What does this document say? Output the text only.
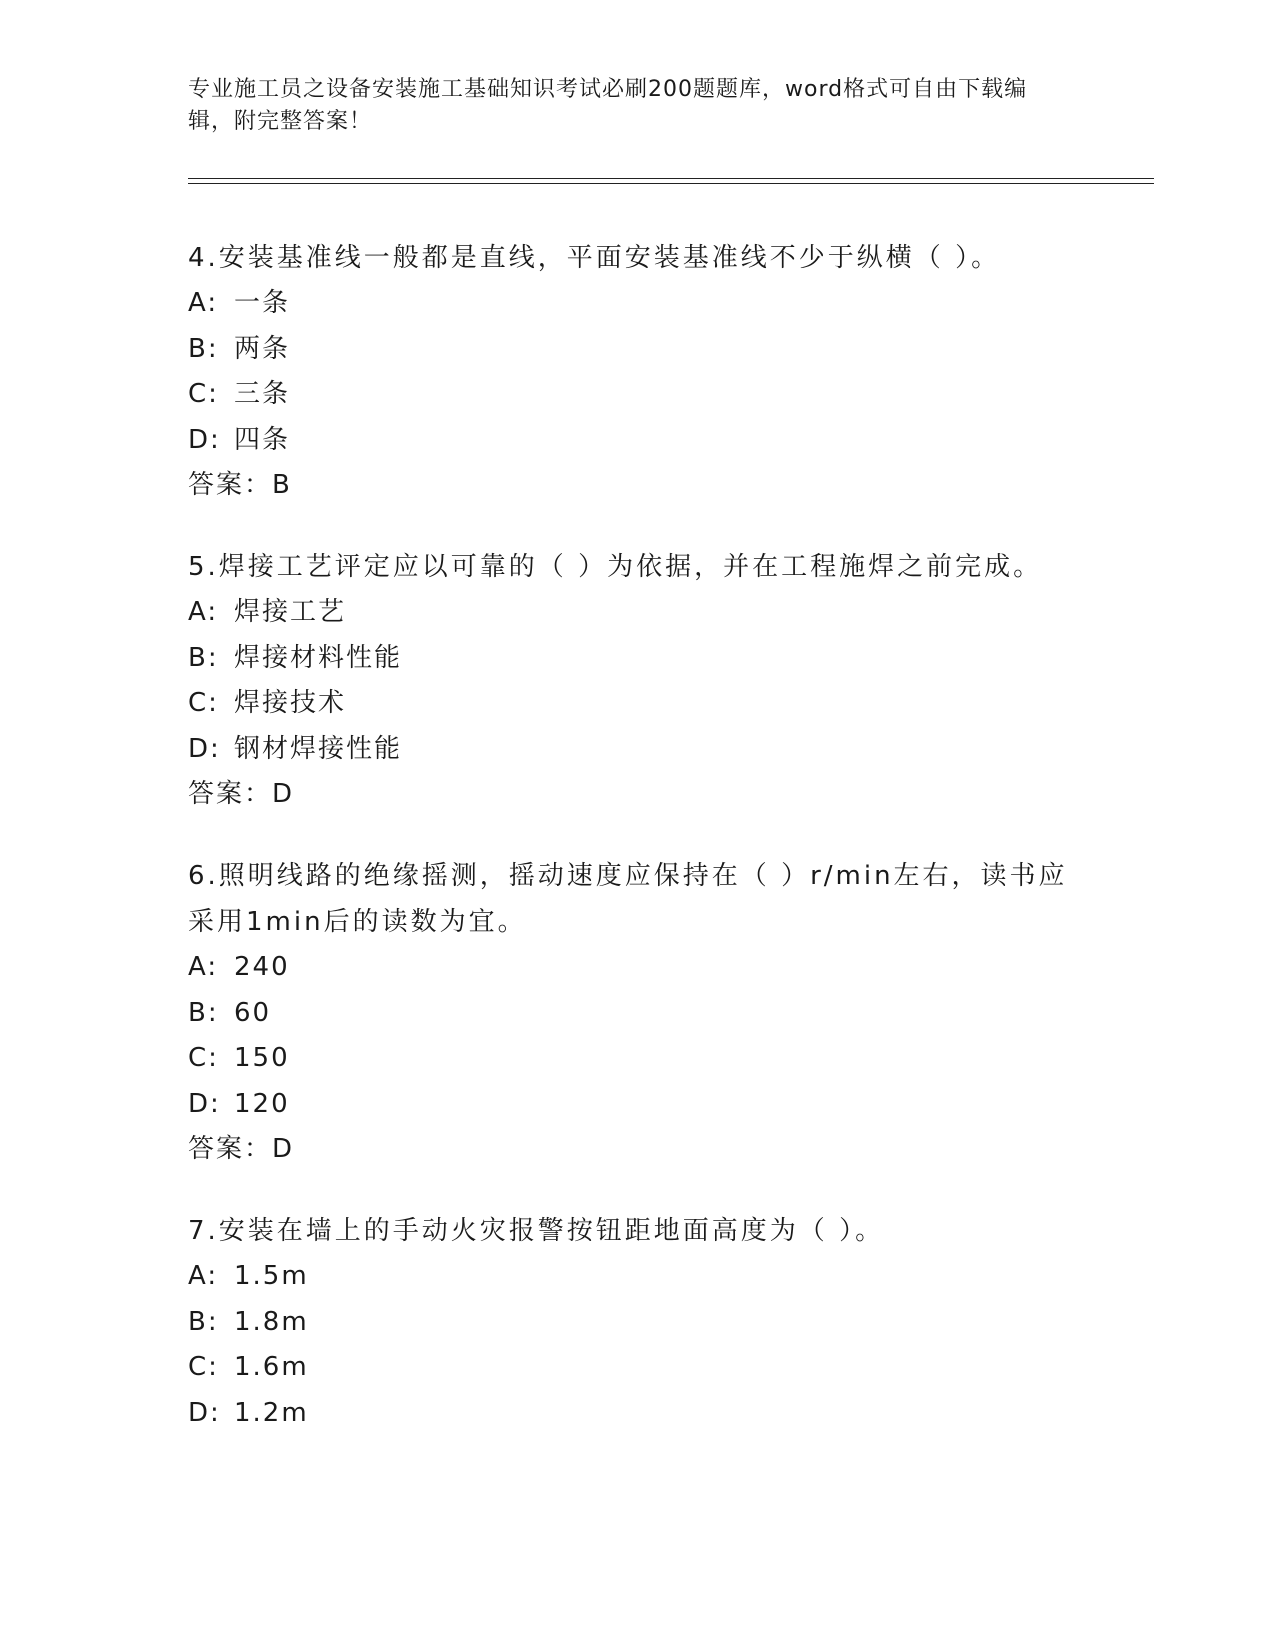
专业施工员之设备安装施工基础知识考试必刷200题题库，word格式可自由下载编辑，附完整答案！

4.安装基准线一般都是直线，平面安装基准线不少于纵横（ ）。

A: 一条

B: 两条

C: 三条

D: 四条

答案：B

5.焊接工艺评定应以可靠的（ ）为依据，并在工程施焊之前完成。

A: 焊接工艺

B: 焊接材料性能

C: 焊接技术

D: 钢材焊接性能

答案：D

6.照明线路的绝缘摇测，摇动速度应保持在（ ）r/min左右，读书应采用1min后的读数为宜。

A: 240

B: 60

C: 150

D: 120

答案：D

7.安装在墙上的手动火灾报警按钮距地面高度为（ ）。

A: 1.5m

B: 1.8m

C: 1.6m

D: 1.2m
